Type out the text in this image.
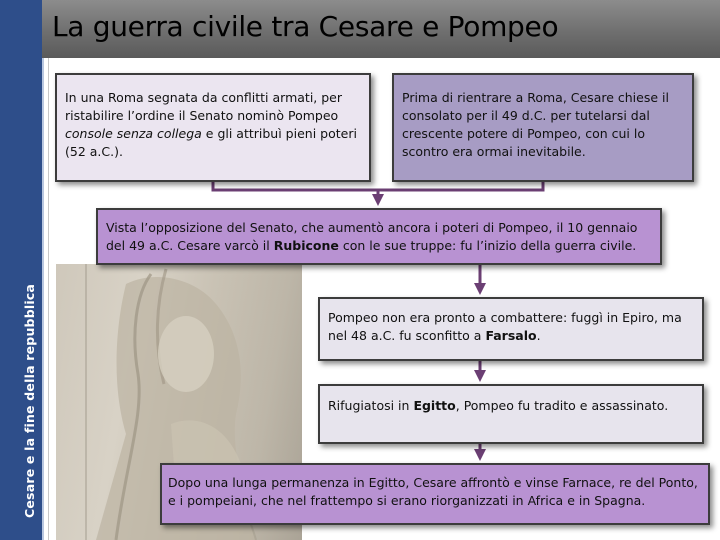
La guerra civile tra Cesare e Pompeo
Cesare e la fine della repubblica
In una Roma segnata da conflitti armati, per ristabilire l’ordine il Senato nominò Pompeo console senza collega e gli attribuì pieni poteri (52 a.C.).
Prima di rientrare a Roma, Cesare chiese il consolato per il 49 d.C. per tutelarsi dal crescente potere di Pompeo, con cui lo scontro era ormai inevitabile.
Vista l’opposizione del Senato, che aumentò ancora i poteri di Pompeo, il 10 gennaio del 49 a.C. Cesare varcò il Rubicone con le sue truppe: fu l’inizio della guerra civile.
Pompeo non era pronto a combattere: fuggì in Epiro, ma nel 48 a.C. fu sconfitto a Farsalo.
Rifugiatosi in Egitto, Pompeo fu tradito e assassinato.
Dopo una lunga permanenza in Egitto, Cesare affrontò e vinse Farnace, re del Ponto, e i pompeiani, che nel frattempo si erano riorganizzati in Africa e in Spagna.
